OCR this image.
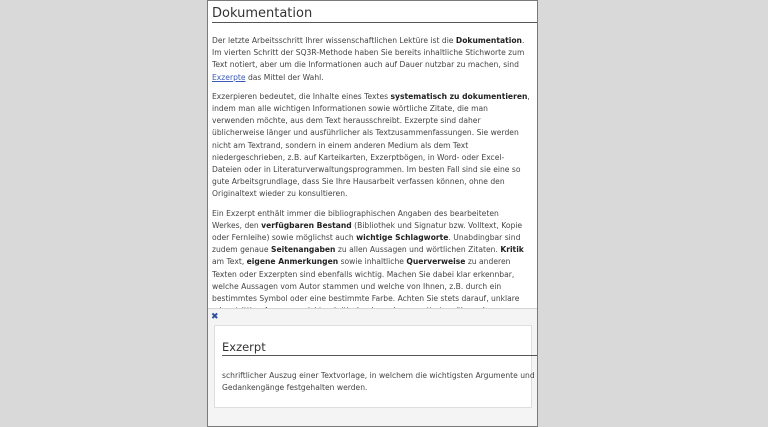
Dokumentation

Der letzte Arbeitsschritt Ihrer wissenschaftlichen Lektüre ist die Dokumentation. Im vierten Schritt der SQ3R-Methode haben Sie bereits inhaltliche Stichworte zum Text notiert, aber um die Informationen auch auf Dauer nutzbar zu machen, sind Exzerpte das Mittel der Wahl.

Exzerpieren bedeutet, die Inhalte eines Textes systematisch zu dokumentieren, indem man alle wichtigen Informationen sowie wörtliche Zitate, die man verwenden möchte, aus dem Text herausschreibt. Exzerpte sind daher üblicherweise länger und ausführlicher als Textzusammenfassungen. Sie werden nicht am Textrand, sondern in einem anderen Medium als dem Text niedergeschrieben, z.B. auf Karteikarten, Exzerptbögen, in Word- oder Excel-Dateien oder in Literaturverwaltungsprogrammen. Im besten Fall sind sie eine so gute Arbeitsgrundlage, dass Sie Ihre Hausarbeit verfassen können, ohne den Originaltext wieder zu konsultieren.

Ein Exzerpt enthält immer die bibliographischen Angaben des bearbeiteten Werkes, den verfügbaren Bestand (Bibliothek und Signatur bzw. Volltext, Kopie oder Fernleihe) sowie möglichst auch wichtige Schlagworte. Unabdingbar sind zudem genaue Seitenangaben zu allen Aussagen und wörtlichen Zitaten. Kritik am Text, eigene Anmerkungen sowie inhaltliche Querverweise zu anderen Texten oder Exzerpten sind ebenfalls wichtig. Machen Sie dabei klar erkennbar, welche Aussagen vom Autor stammen und welche von Ihnen, z.B. durch ein bestimmtes Symbol oder eine bestimmte Farbe. Achten Sie stets darauf, unklare

✖
Exzerpt

schriftlicher Auszug einer Textvorlage, in welchem die wichtigsten Argumente und Gedankengänge festgehalten werden.
